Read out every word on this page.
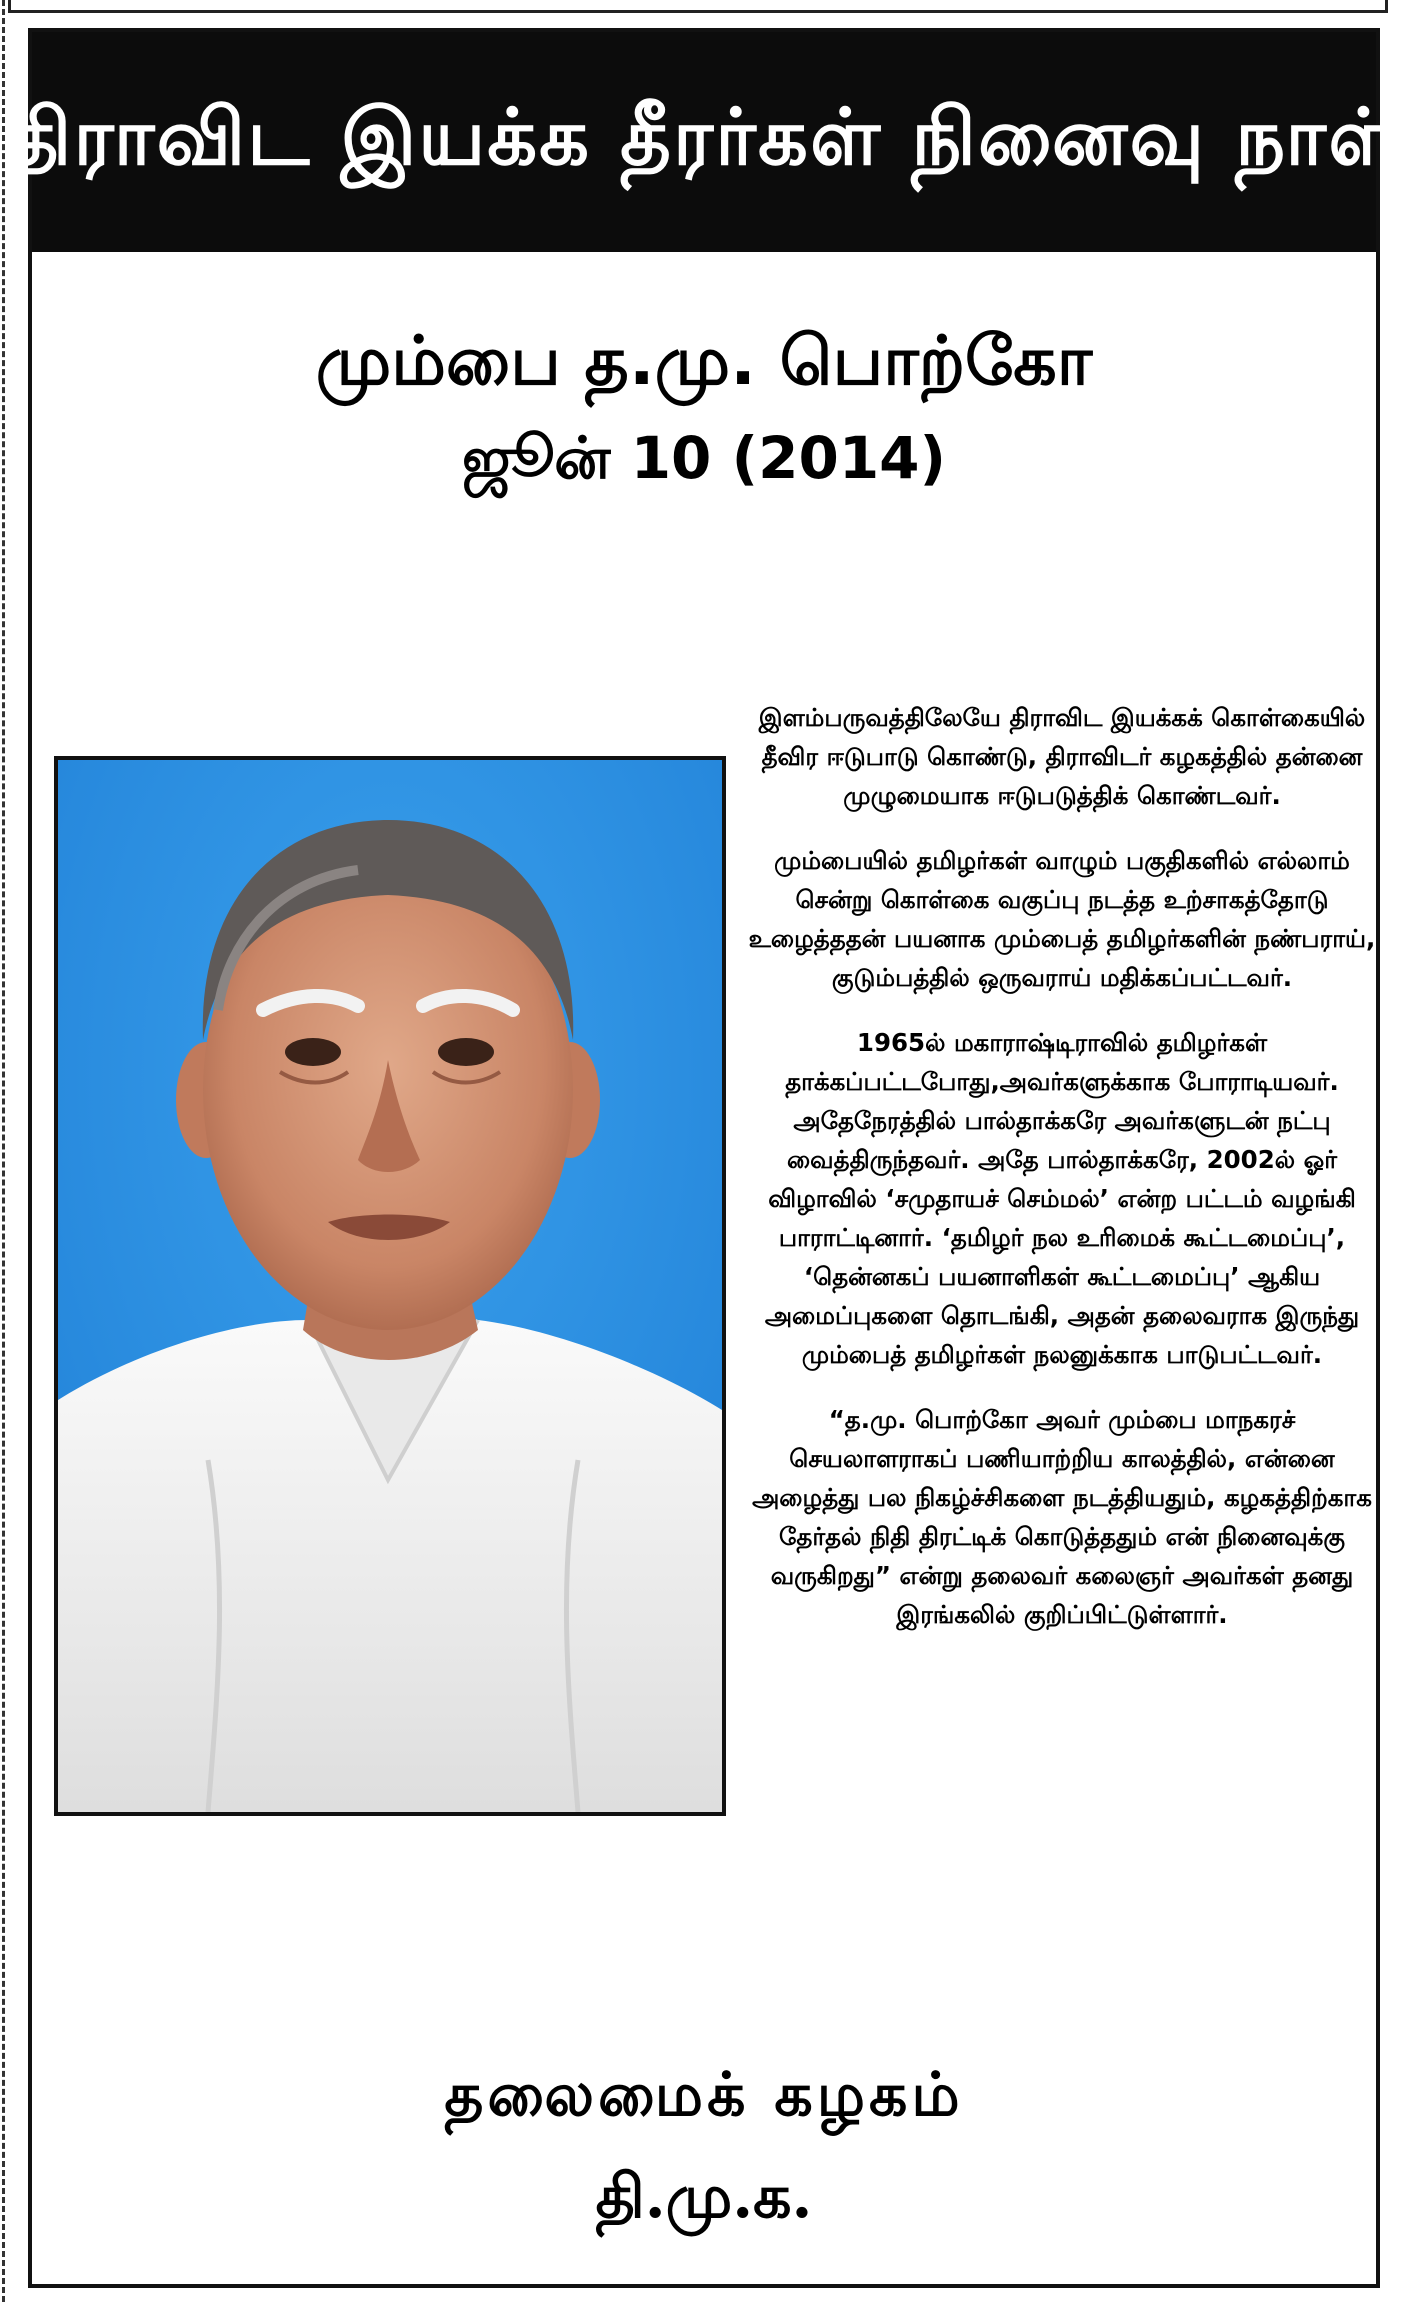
திராவிட இயக்க தீரர்கள் நினைவு நாள்
மும்பை த.மு. பொற்கோ
ஜூன் 10 (2014)

இளம்பருவத்திலேயே திராவிட இயக்கக் கொள்கையில் தீவிர ஈடுபாடு கொண்டு, திராவிடர் கழகத்தில் தன்னை முழுமையாக ஈடுபடுத்திக் கொண்டவர்.

மும்பையில் தமிழர்கள் வாழும் பகுதிகளில் எல்லாம் சென்று கொள்கை வகுப்பு நடத்த உற்சாகத்தோடு உழைத்ததன் பயனாக மும்பைத் தமிழர்களின் நண்பராய், குடும்பத்தில் ஒருவராய் மதிக்கப்பட்டவர்.

1965ல் மகாராஷ்டிராவில் தமிழர்கள் தாக்கப்பட்டபோது,அவர்களுக்காக போராடியவர். அதேநேரத்தில் பால்தாக்கரே அவர்களுடன் நட்பு வைத்திருந்தவர். அதே பால்தாக்கரே, 2002ல் ஓர் விழாவில் ‘சமுதாயச் செம்மல்’ என்ற பட்டம் வழங்கி பாராட்டினார். ‘தமிழர் நல உரிமைக் கூட்டமைப்பு’, ‘தென்னகப் பயனாளிகள் கூட்டமைப்பு’ ஆகிய அமைப்புகளை தொடங்கி, அதன் தலைவராக இருந்து மும்பைத் தமிழர்கள் நலனுக்காக பாடுபட்டவர்.

“த.மு. பொற்கோ அவர் மும்பை மாநகரச் செயலாளராகப் பணியாற்றிய காலத்தில், என்னை அழைத்து பல நிகழ்ச்சிகளை நடத்தியதும், கழகத்திற்காக தேர்தல் நிதி திரட்டிக் கொடுத்ததும் என் நினைவுக்கு வருகிறது” என்று தலைவர் கலைஞர் அவர்கள் தனது இரங்கலில் குறிப்பிட்டுள்ளார்.

தலைமைக் கழகம்
தி.மு.க.
